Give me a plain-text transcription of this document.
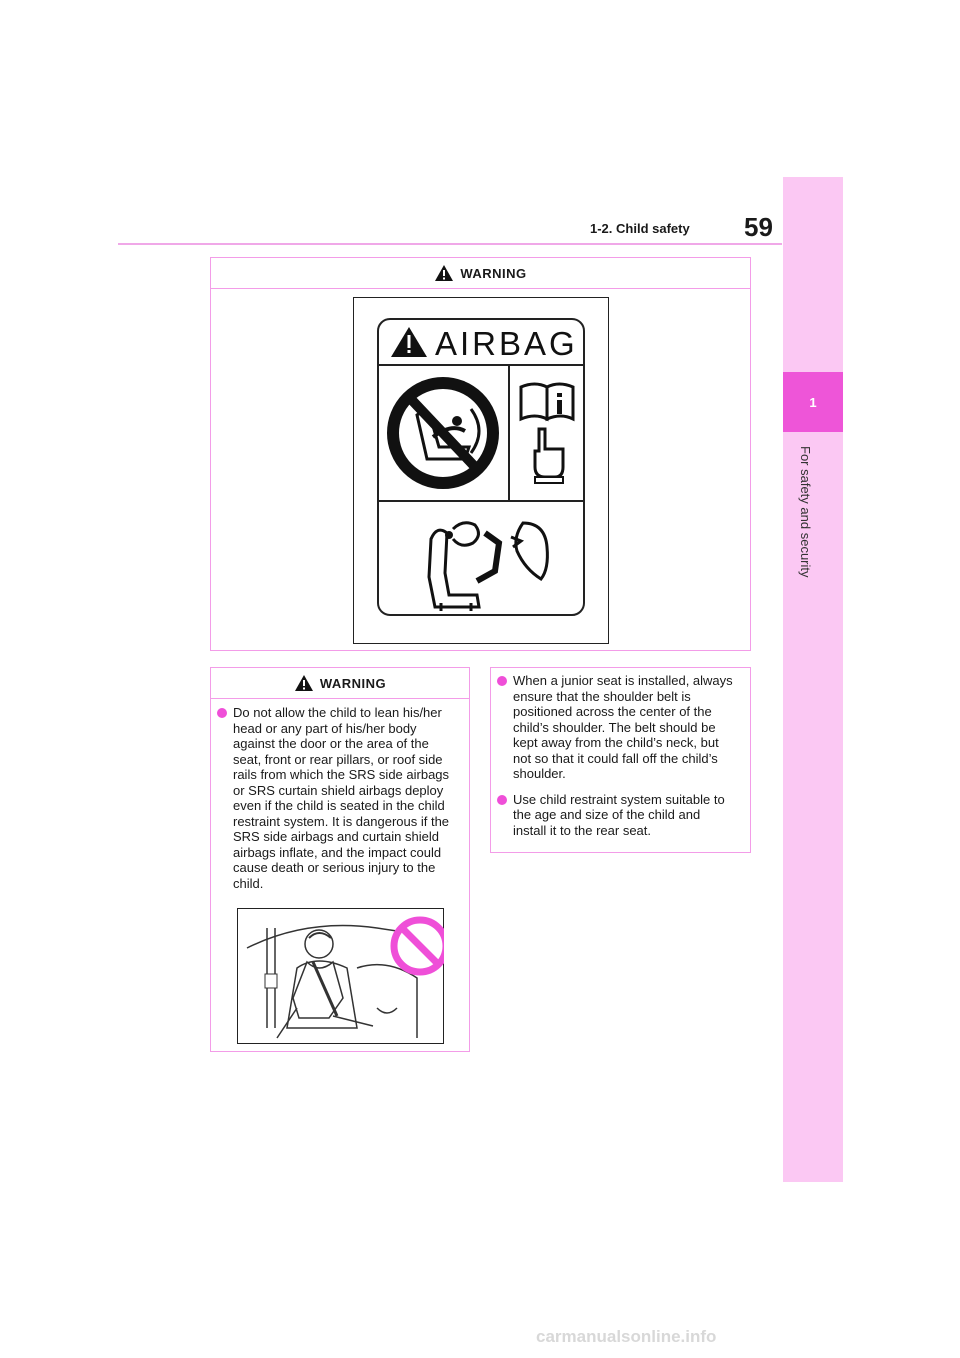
1-2. Child safety 59
1
For safety and security
WARNING
AIRBAG
WARNING
Do not allow the child to lean his/her head or any part of his/her body against the door or the area of the seat, front or rear pillars, or roof side rails from which the SRS side airbags or SRS curtain shield airbags deploy even if the child is seated in the child restraint system. It is dangerous if the SRS side airbags and curtain shield airbags inflate, and the impact could cause death or serious injury to the child.
When a junior seat is installed, always ensure that the shoulder belt is positioned across the center of the child’s shoulder. The belt should be kept away from the child’s neck, but not so that it could fall off the child’s shoulder.
Use child restraint system suitable to the age and size of the child and install it to the rear seat.
carmanualsonline.info
